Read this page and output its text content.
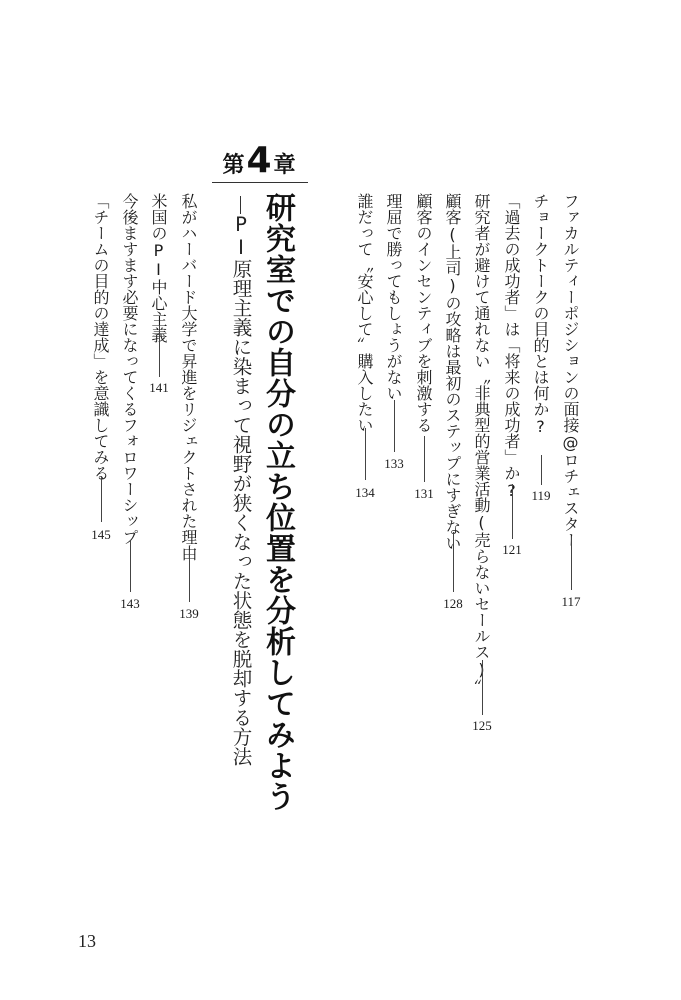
第 4 章
研究室での自分の立ち位置を分析してみよう
PI原理主義に染まって視野が狭くなった状態を脱却する方法	ファカルティーポジションの面接@ロチェスター
117
チョークトークの目的とは何か?
119
「過去の成功者」は「将来の成功者」か?
121
研究者が避けて通れない〝非典型的営業活動(売らないセールス)〟
125
顧客(上司)の攻略は最初のステップにすぎない
128
顧客のインセンティブを刺激する
131
理屈で勝ってもしょうがない
133
誰だって〝安心して〟購入したい
134
私がハーバード大学で昇進をリジェクトされた理由
139
米国のPI中心主義
141
今後ますます必要になってくるフォロワーシップ
143
「チームの目的の達成」を意識してみる
145
13
